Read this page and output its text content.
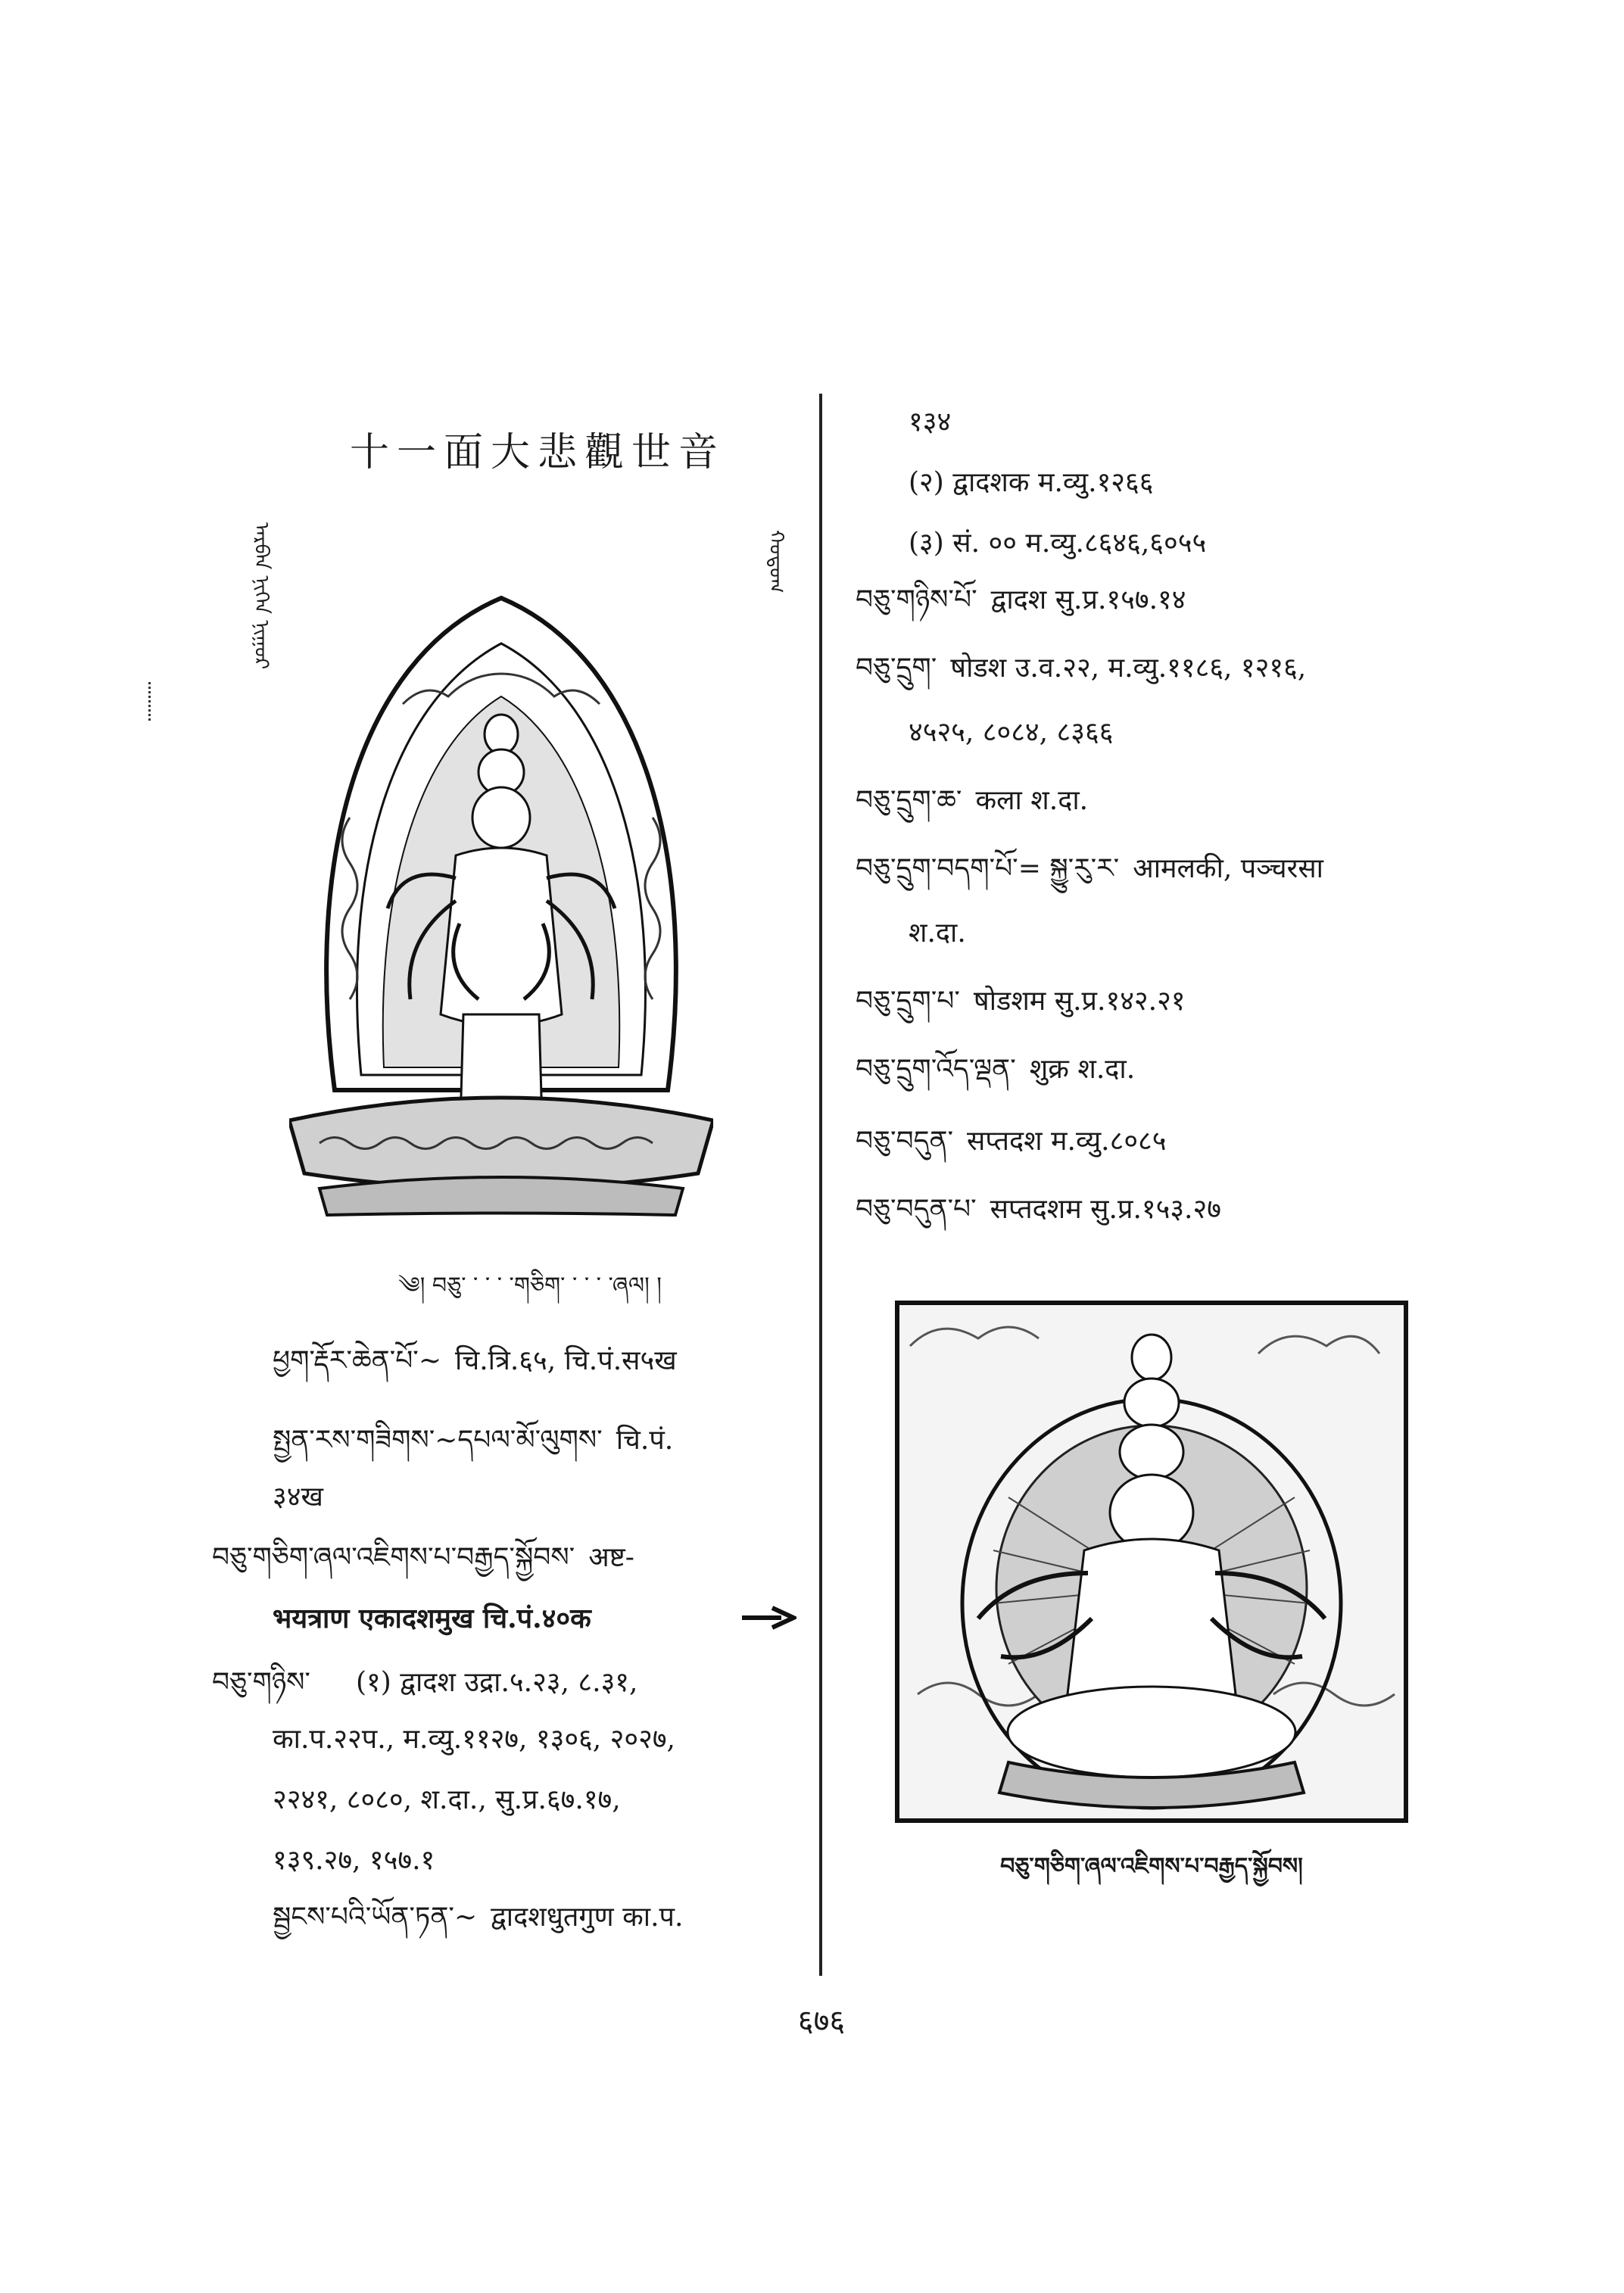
十一面大悲觀世音
ᠠᠷᠪᠠᠨ ᠨᠢᠭᠡᠨ ᠨᠢᠭᠤᠷ	ᠬᠤᠳᠤᠭ
༄། བཅུ་ ་ ་ ་ ་གཅིག་ ་ ་ ་ ་ཞལ། །
ཕྱག་རྡོར་ཆེན་པོ་~ चि.त्रि.६५, चि.पं.स५ख
སྤྱན་རས་གཟིགས་~དཔལ་མོ་ལུགས་ चि.पं.
३४ख
བཅུ་གཅིག་ཞལ་འཇིགས་པ་བརྒྱད་སྐྱོབས་ अष्ट-
भयत्राण एकादशमुख चि.पं.४०क
བཅུ་གཉིས་ (१) द्वादश उद्रा.५.२३, ८.३१,
का.प.२२प., म.व्यु.११२७, १३०६, २०२७,
२२४१, ८०८०, श.दा., सु.प्र.६७.१७,
१३९.२७, १५७.१
སྦྱངས་པའི་ཡོན་ཏན་~ द्वादशधुतगुण का.प.
१३४
(२) द्वादशक म.व्यु.१२६६
(३) सं. ०० म.व्यु.८६४६,६०५५
བཅུ་གཉིས་པོ་ द्वादश सु.प्र.१५७.१४
བཅུ་དྲུག་ षोडश उ.व.२२, म.व्यु.११८६, १२१६,
४५२५, ८०८४, ८३६६
བཅུ་དྲུག་ཆ་ कला श.दा.
བཅུ་དྲུག་བདག་པོ་= སྐྱུ་རུ་ར་ आमलकी, पञ्चरसा
श.दा.
བཅུ་དྲུག་པ་ षोडशम सु.प्र.१४२.२१
བཅུ་དྲུག་འོད་ལྡན་ शुक्र श.दा.
བཅུ་བདུན་ सप्तदश म.व्यु.८०८५
བཅུ་བདུན་པ་ सप्तदशम सु.प्र.१५३.२७
བཅུ་གཅིག་ཞལ་འཇིགས་པ་བརྒྱད་སྐྱོབས།
६७६
